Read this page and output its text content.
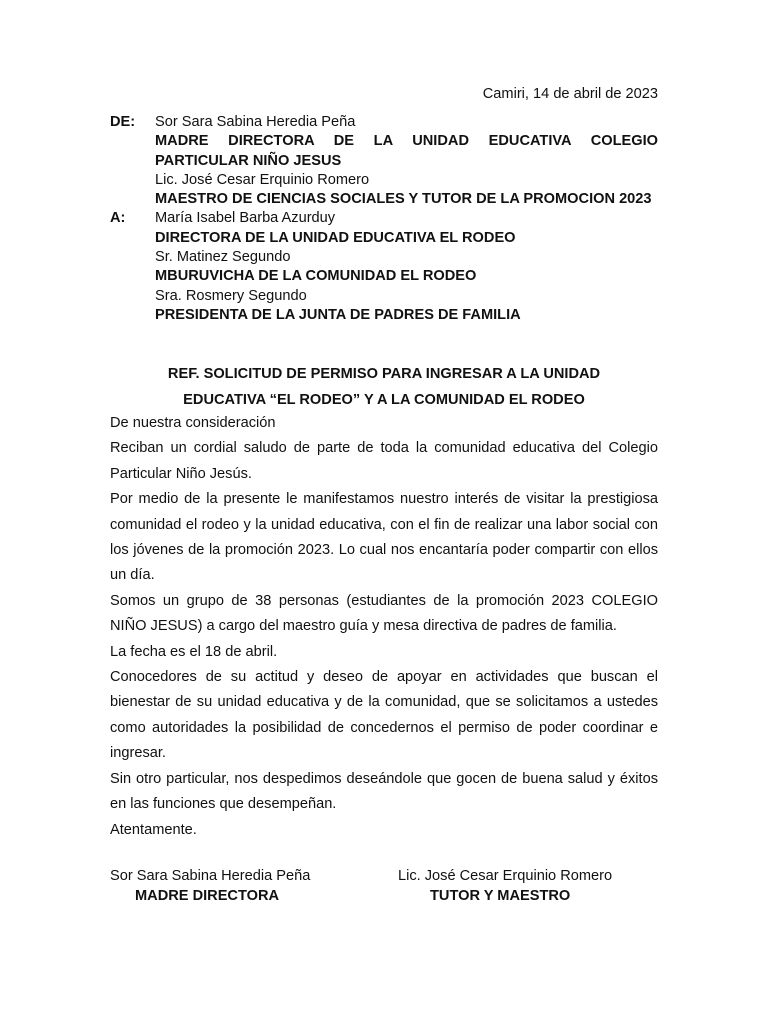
Camiri, 14 de abril de 2023
DE: Sor Sara Sabina Heredia Peña
MADRE DIRECTORA DE LA UNIDAD EDUCATIVA COLEGIO PARTICULAR NIÑO JESUS
Lic. José Cesar Erquinio Romero
MAESTRO DE CIENCIAS SOCIALES Y TUTOR DE LA PROMOCION 2023
A: María Isabel Barba Azurduy
DIRECTORA DE LA UNIDAD EDUCATIVA EL RODEO
Sr. Matinez Segundo
MBURUVICHA DE LA COMUNIDAD EL RODEO
Sra. Rosmery Segundo
PRESIDENTA DE LA JUNTA DE PADRES DE FAMILIA
REF. SOLICITUD DE PERMISO PARA INGRESAR A LA UNIDAD
EDUCATIVA “EL RODEO” Y A LA COMUNIDAD EL RODEO

De nuestra consideración

Reciban un cordial saludo de parte de toda la comunidad educativa del Colegio Particular Niño Jesús.

Por medio de la presente le manifestamos nuestro interés de visitar la prestigiosa comunidad el rodeo y la unidad educativa, con el fin de realizar una labor social con los jóvenes de la promoción 2023. Lo cual nos encantaría poder compartir con ellos un día.

Somos un grupo de 38 personas (estudiantes de la promoción 2023 COLEGIO NIÑO JESUS) a cargo del maestro guía y mesa directiva de padres de familia.

La fecha es el 18 de abril.

Conocedores de su actitud y deseo de apoyar en actividades que buscan el bienestar de su unidad educativa y de la comunidad, que se solicitamos a ustedes como autoridades la posibilidad de concedernos el permiso de poder coordinar e ingresar.

Sin otro particular, nos despedimos deseándole que gocen de buena salud y éxitos en las funciones que desempeñan.

Atentamente.

Sor Sara Sabina Heredia Peña
MADRE DIRECTORA
Lic. José Cesar Erquinio Romero
TUTOR Y MAESTRO
